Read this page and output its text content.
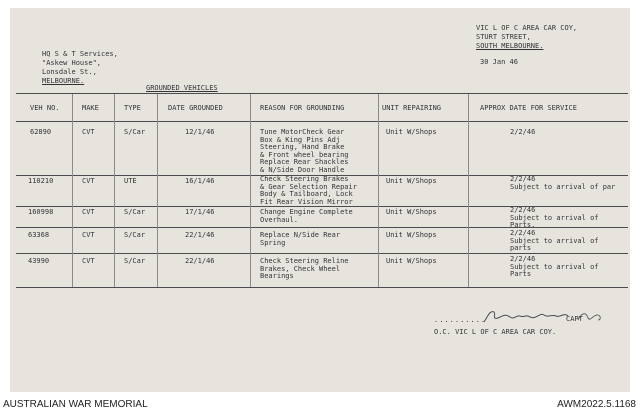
VIC L OF C AREA CAR COY,
STURT STREET,
SOUTH MELBOURNE.
30 Jan 46
HQ S & T Services,
"Askew House",
Lonsdale St.,
MELBOURNE.
GROUNDED VEHICLES
VEH NO.	MAKE	TYPE	DATE GROUNDED	REASON FOR GROUNDING	UNIT REPAIRING	APPROX DATE FOR SERVICE
62890	CVT	S/Car	12/1/46	Tune MotorCheck Gear
Box & King Pins Adj
Steering, Hand Brake
& Front wheel bearing
Replace Rear Shackles
& N/Side Door Handle
Unit W/Shops	2/2/46
110210	CVT	UTE	16/1/46	Check Steering Brakes
& Gear Selection Repair
Body & Tailboard, Lock
Fit Rear Vision Mirror
Unit W/Shops	2/2/46
Subject to arrival of par
160998	CVT	S/Car	17/1/46	Change Engine Complete
Overhaul.
Unit W/Shops	2/2/46
Subject to arrival of
Parts.
63368	CVT	S/Car	22/1/46	Replace N/Side Rear
Spring
Unit W/Shops	2/2/46
Subject to arrival of
parts
43990	CVT	S/Car	22/1/46	Check Steering Reline
Brakes, Check Wheel
Bearings
Unit W/Shops	2/2/46
Subject to arrival of
Parts
..........	CAPT
O.C. VIC L OF C AREA CAR COY.
AUSTRALIAN WAR MEMORIAL	AWM2022.5.1168
